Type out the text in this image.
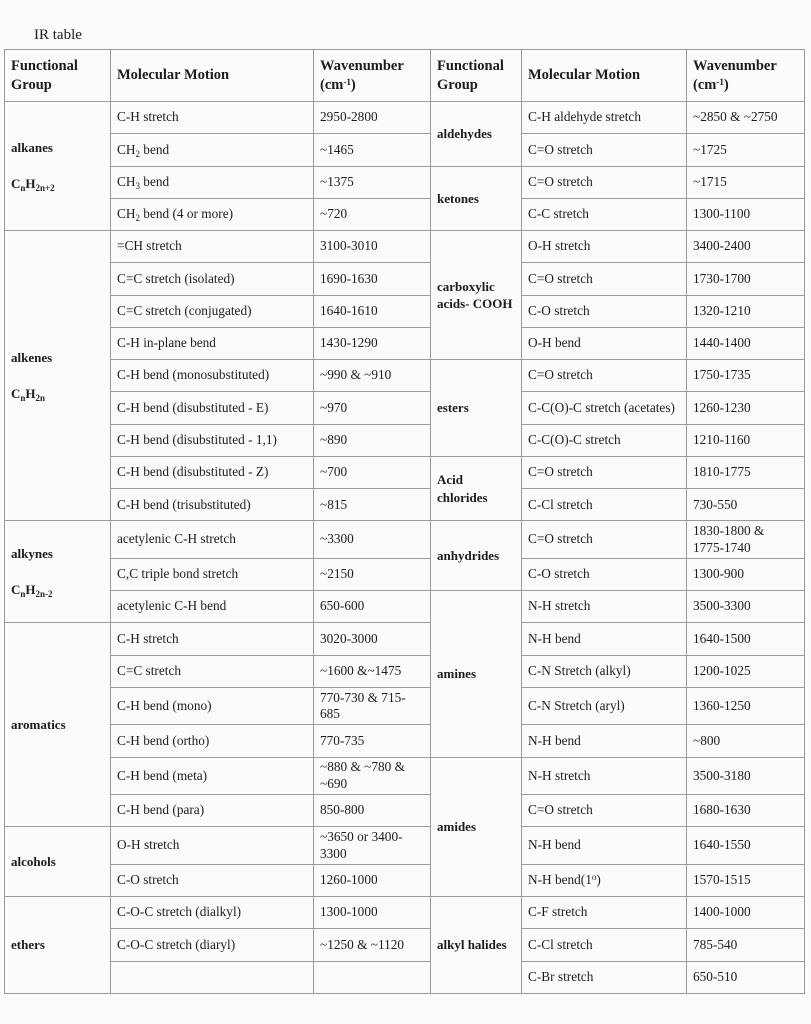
IR table
Functional Group	Molecular Motion	Wavenumber $(cm^{-1})$	Functional Group	Molecular Motion	Wavenumber $(cm^{-1})$

alkanes
$C_nH_{2n+2}$	C-H stretch	2950-2800	aldehydes	C-H aldehyde stretch	~2850 & ~2750
	$CH_2$ bend	~1465		C=O stretch	~1725
	$CH_3$ bend	~1375	ketones	C=O stretch	~1715
	$CH_2$ bend (4 or more)	~720		C-C stretch	1300-1100

alkenes
$C_nH_{2n}$	=CH stretch	3100-3010	carboxylic acids- COOH	O-H stretch	3400-2400
	C=C stretch (isolated)	1690-1630		C=O stretch	1730-1700
	C=C stretch (conjugated)	1640-1610		C-O stretch	1320-1210
	C-H in-plane bend	1430-1290		O-H bend	1440-1400
	C-H bend (monosubstituted)	~990 & ~910	esters	C=O stretch	1750-1735
	C-H bend (disubstituted - E)	~970		C-C(O)-C stretch (acetates)	1260-1230
	C-H bend (disubstituted - 1,1)	~890		C-C(O)-C stretch	1210-1160
	C-H bend (disubstituted - Z)	~700	Acid chlorides	C=O stretch	1810-1775
	C-H bend (trisubstituted)	~815		C-Cl stretch	730-550

alkynes
$C_nH_{2n-2}$	acetylenic C-H stretch	~3300	anhydrides	C=O stretch	1830-1800 & 1775-1740
	C,C triple bond stretch	~2150		C-O stretch	1300-900
	acetylenic C-H bend	650-600	amines	N-H stretch	3500-3300

aromatics	C-H stretch	3020-3000		N-H bend	1640-1500
	C=C stretch	~1600 &~1475		C-N Stretch (alkyl)	1200-1025
	C-H bend (mono)	770-730 & 715-685		C-N Stretch (aryl)	1360-1250
	C-H bend (ortho)	770-735		N-H bend	~800
	C-H bend (meta)	~880 & ~780 & ~690	amides	N-H stretch	3500-3180
	C-H bend (para)	850-800		C=O stretch	1680-1630

alcohols	O-H stretch	~3650 or 3400-3300		N-H bend	1640-1550
	C-O stretch	1260-1000		N-H bend(1$^o$)	1570-1515

ethers	C-O-C stretch (dialkyl)	1300-1000	alkyl halides	C-F stretch	1400-1000
	C-O-C stretch (diaryl)	~1250 & ~1120		C-Cl stretch	785-540
				C-Br stretch	650-510
